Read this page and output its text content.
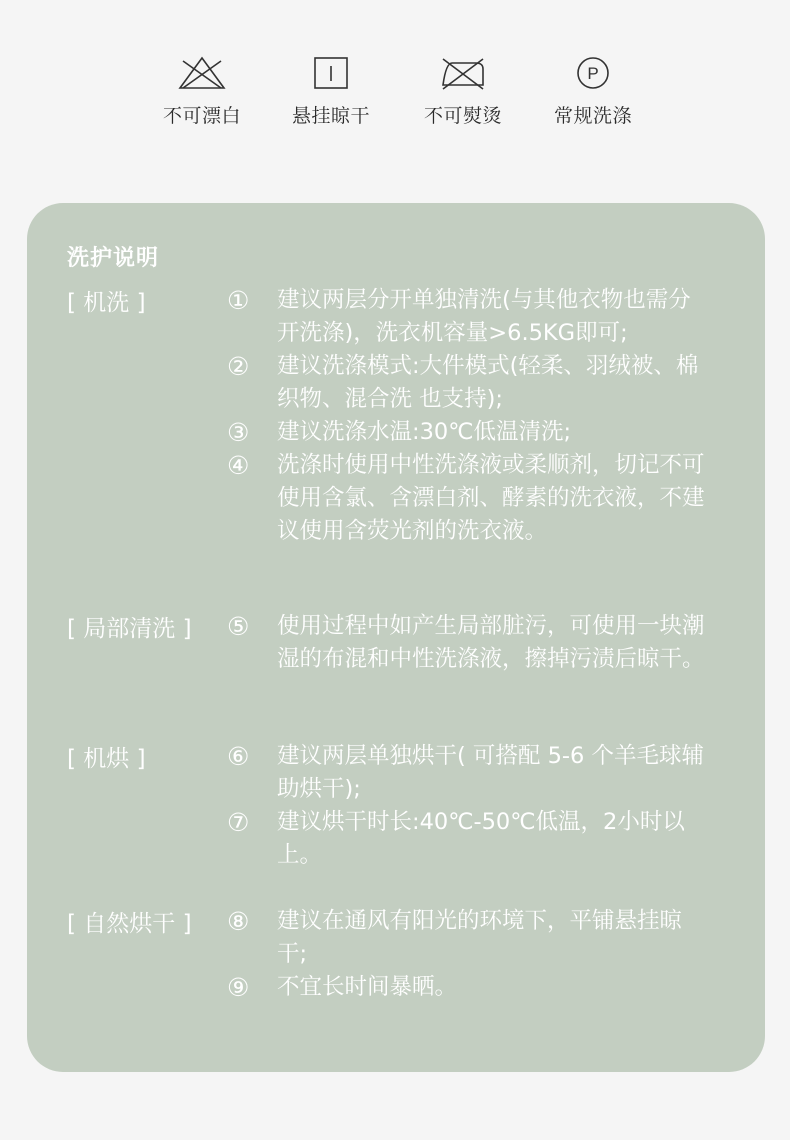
不可漂白	悬挂晾干	不可熨烫
P
常规洗涤
洗护说明
[ 机洗 ]	① 建议两层分开单独清洗(与其他衣物也需分开洗涤)，洗衣机容量>6.5KG即可;
② 建议洗涤模式:大件模式(轻柔、羽绒被、棉织物、混合洗 也支持);
③ 建议洗涤水温:30℃低温清洗;
④ 洗涤时使用中性洗涤液或柔顺剂，切记不可使用含氯、含漂白剂、酵素的洗衣液，不建议使用含荧光剂的洗衣液。
[ 局部清洗 ] ⑤ 使用过程中如产生局部脏污，可使用一块潮湿的布混和中性洗涤液，擦掉污渍后晾干。
[ 机烘 ]	⑥ 建议两层单独烘干( 可搭配 5-6 个羊毛球辅助烘干);
⑦ 建议烘干时长:40℃-50℃低温，2小时以上。
[ 自然烘干 ] ⑧ 建议在通风有阳光的环境下，平铺悬挂晾干;
⑨ 不宜长时间暴晒。
